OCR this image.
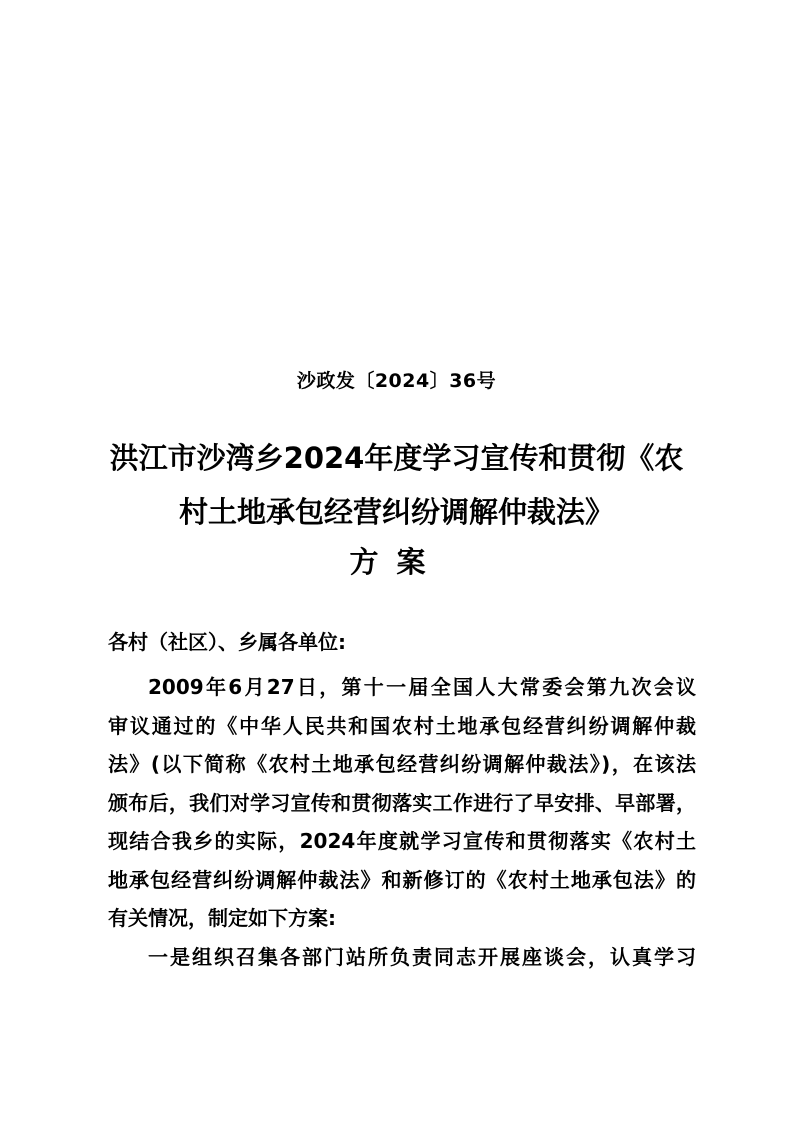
沙政发〔2024〕36号
洪江市沙湾乡2024年度学习宣传和贯彻《农
村土地承包经营纠纷调解仲裁法》
方案
各村（社区）、乡属各单位:
2009年6月27日，第十一届全国人大常委会第九次会议
审议通过的《中华人民共和国农村土地承包经营纠纷调解仲裁
法》(以下简称《农村土地承包经营纠纷调解仲裁法》)，在该法
颁布后，我们对学习宣传和贯彻落实工作进行了早安排、早部署，
现结合我乡的实际，2024年度就学习宣传和贯彻落实《农村土
地承包经营纠纷调解仲裁法》和新修订的《农村土地承包法》的
有关情况，制定如下方案:
一是组织召集各部门站所负责同志开展座谈会，认真学习
